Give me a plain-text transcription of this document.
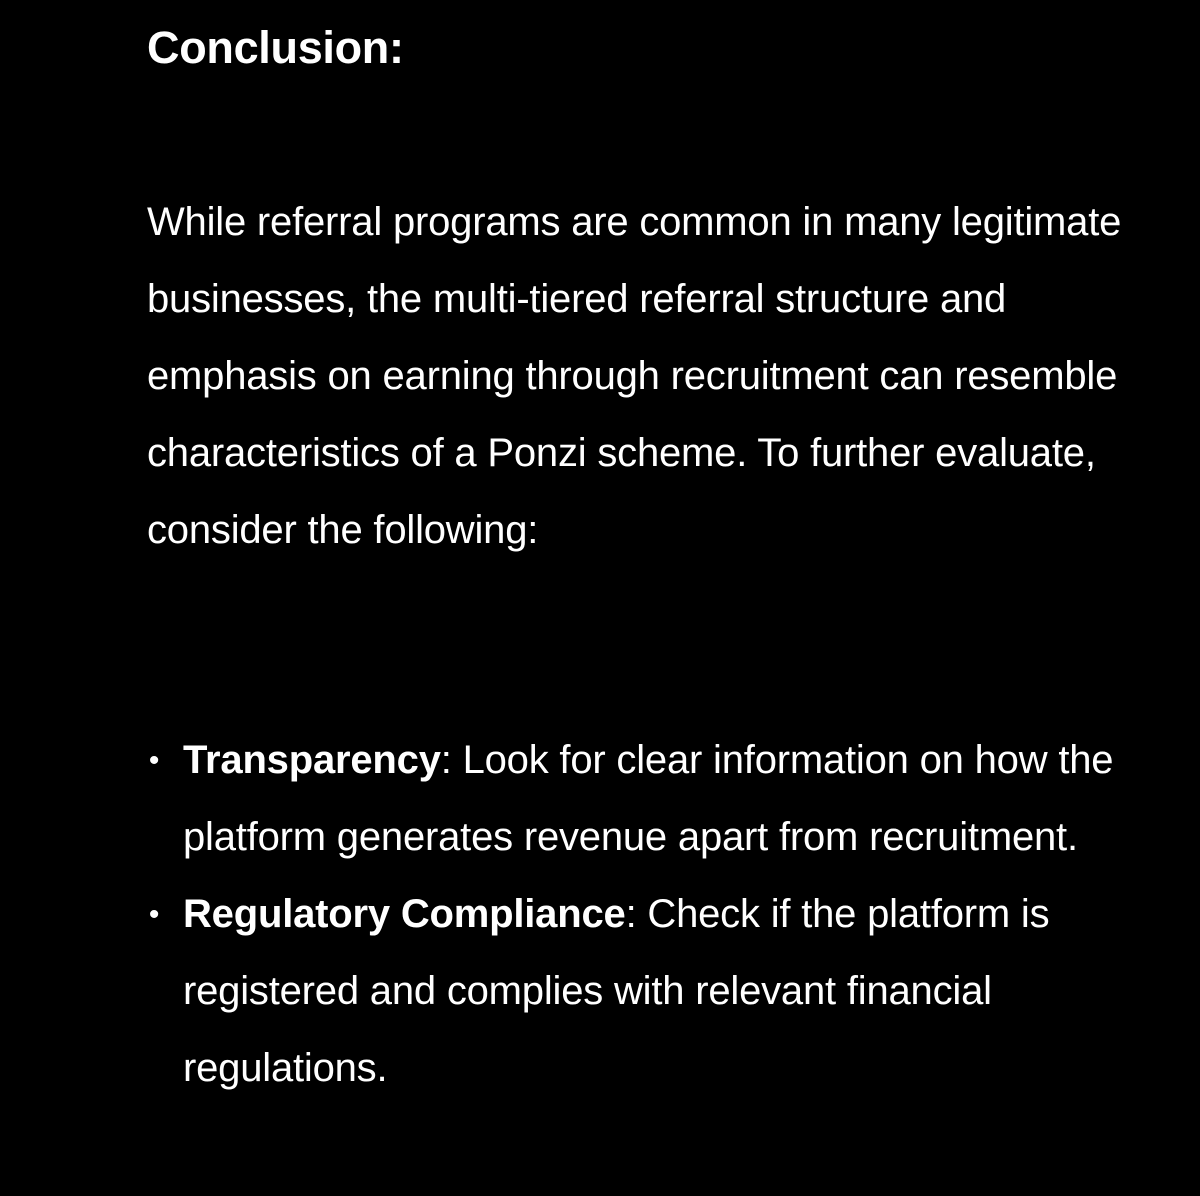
Conclusion:

While referral programs are common in many legitimate businesses, the multi-tiered referral structure and emphasis on earning through recruitment can resemble characteristics of a Ponzi scheme. To further evaluate, consider the following:

• Transparency: Look for clear information on how the platform generates revenue apart from recruitment.
• Regulatory Compliance: Check if the platform is registered and complies with relevant financial regulations.
